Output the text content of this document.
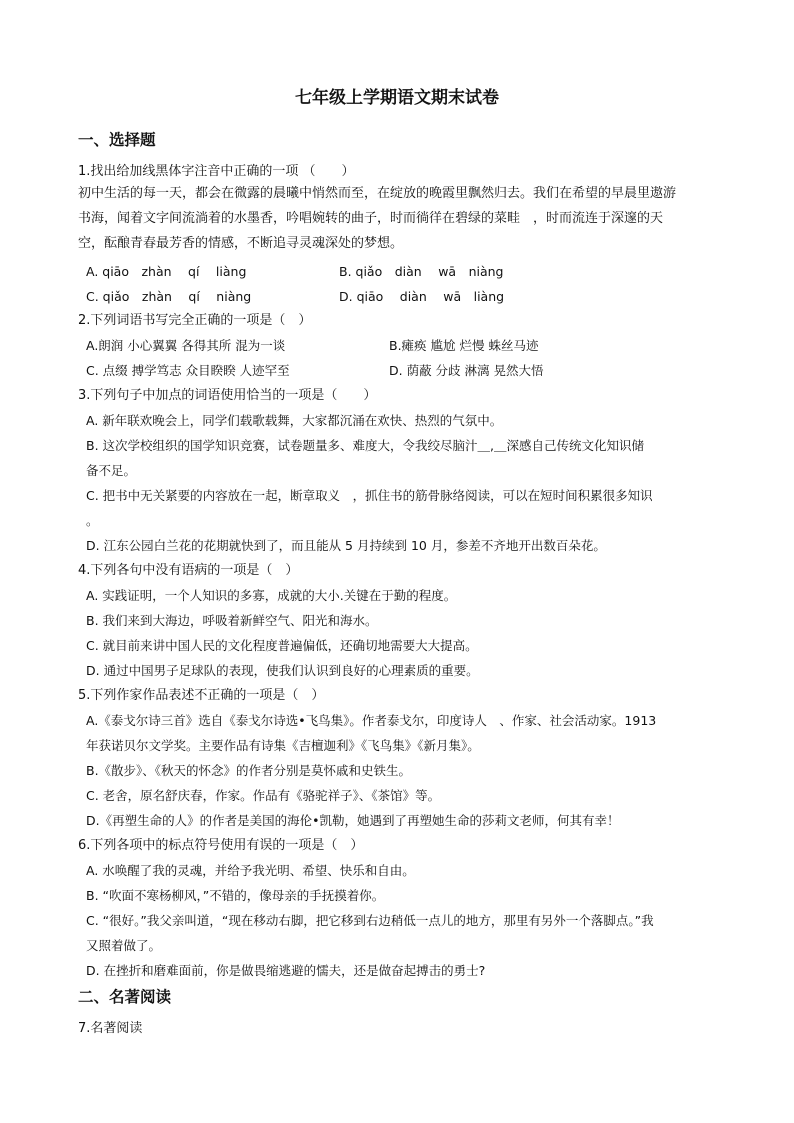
七年级上学期语文期末试卷
一、选择题
1.找出给加线黑体字注音中正确的一项 （　　）
初中生活的每一天，都会在微露的晨曦中悄然而至，在绽放的晚霞里飘然归去。我们在希望的早晨里遨游
书海，闻着文字间流淌着的水墨香，吟唱婉转的曲子，时而徜徉在碧绿的菜畦　，时而流连于深邃的天
空，酝酿青春最芳香的情感，不断追寻灵魂深处的梦想。
A. qiāo　zhàn　 qí　 liàng	B. qiǎo　diàn　 wā　niàng
C. qiǎo　zhàn　 qí　 niàng	D. qiāo　 diàn　 wā　liàng
2.下列词语书写完全正确的一项是（　）
A.朗润 小心翼翼 各得其所 混为一谈	B.瘫痪 尴尬 烂慢 蛛丝马迹
C. 点缀 搏学笃志 众目睽睽 人迹罕至	D. 荫蔽 分歧 淋漓 晃然大悟
3.下列句子中加点的词语使用恰当的一项是（　　）
A. 新年联欢晚会上，同学们载歌载舞，大家都沉涌在欢快、热烈的气氛中。
B. 这次学校组织的国学知识竞赛，试卷题量多、难度大，令我绞尽脑汁＿,＿深感自己传统文化知识储
备不足。
C. 把书中无关紧要的内容放在一起，断章取义　，抓住书的筋骨脉络阅读，可以在短时间积累很多知识
。
D. 江东公园白兰花的花期就快到了，而且能从 5 月持续到 10 月，参差不齐地开出数百朵花。
4.下列各句中没有语病的一项是（　）
A. 实践证明，一个人知识的多寡，成就的大小.关键在于勤的程度。
B. 我们来到大海边，呼吸着新鲜空气、阳光和海水。
C. 就目前来讲中国人民的文化程度普遍偏低，还确切地需要大大提高。
D. 通过中国男子足球队的表现，使我们认识到良好的心理素质的重要。
5.下列作家作品表述不正确的一项是（　）
A.《泰戈尔诗三首》选自《泰戈尔诗选•飞鸟集》。作者泰戈尔，印度诗人　、作家、社会活动家。1913
年获诺贝尔文学奖。主要作品有诗集《吉檀迦利》《飞鸟集》《新月集》。
B.《散步》、《秋天的怀念》的作者分别是莫怀戚和史铁生。
C. 老舍，原名舒庆春，作家。作品有《骆驼祥子》、《茶馆》等。
D.《再塑生命的人》的作者是美国的海伦•凯勒，她遇到了再塑她生命的莎莉文老师，何其有幸！
6.下列各项中的标点符号使用有误的一项是（　）
A. 水唤醒了我的灵魂，并给予我光明、希望、快乐和自由。
B. “吹面不寒杨柳风，”不错的，像母亲的手抚摸着你。
C. “很好。”我父亲叫道，“现在移动右脚，把它移到右边稍低一点儿的地方，那里有另外一个落脚点。”我
又照着做了。
D. 在挫折和磨难面前，你是做畏缩逃避的懦夫，还是做奋起搏击的勇士?
二、名著阅读
7.名著阅读
